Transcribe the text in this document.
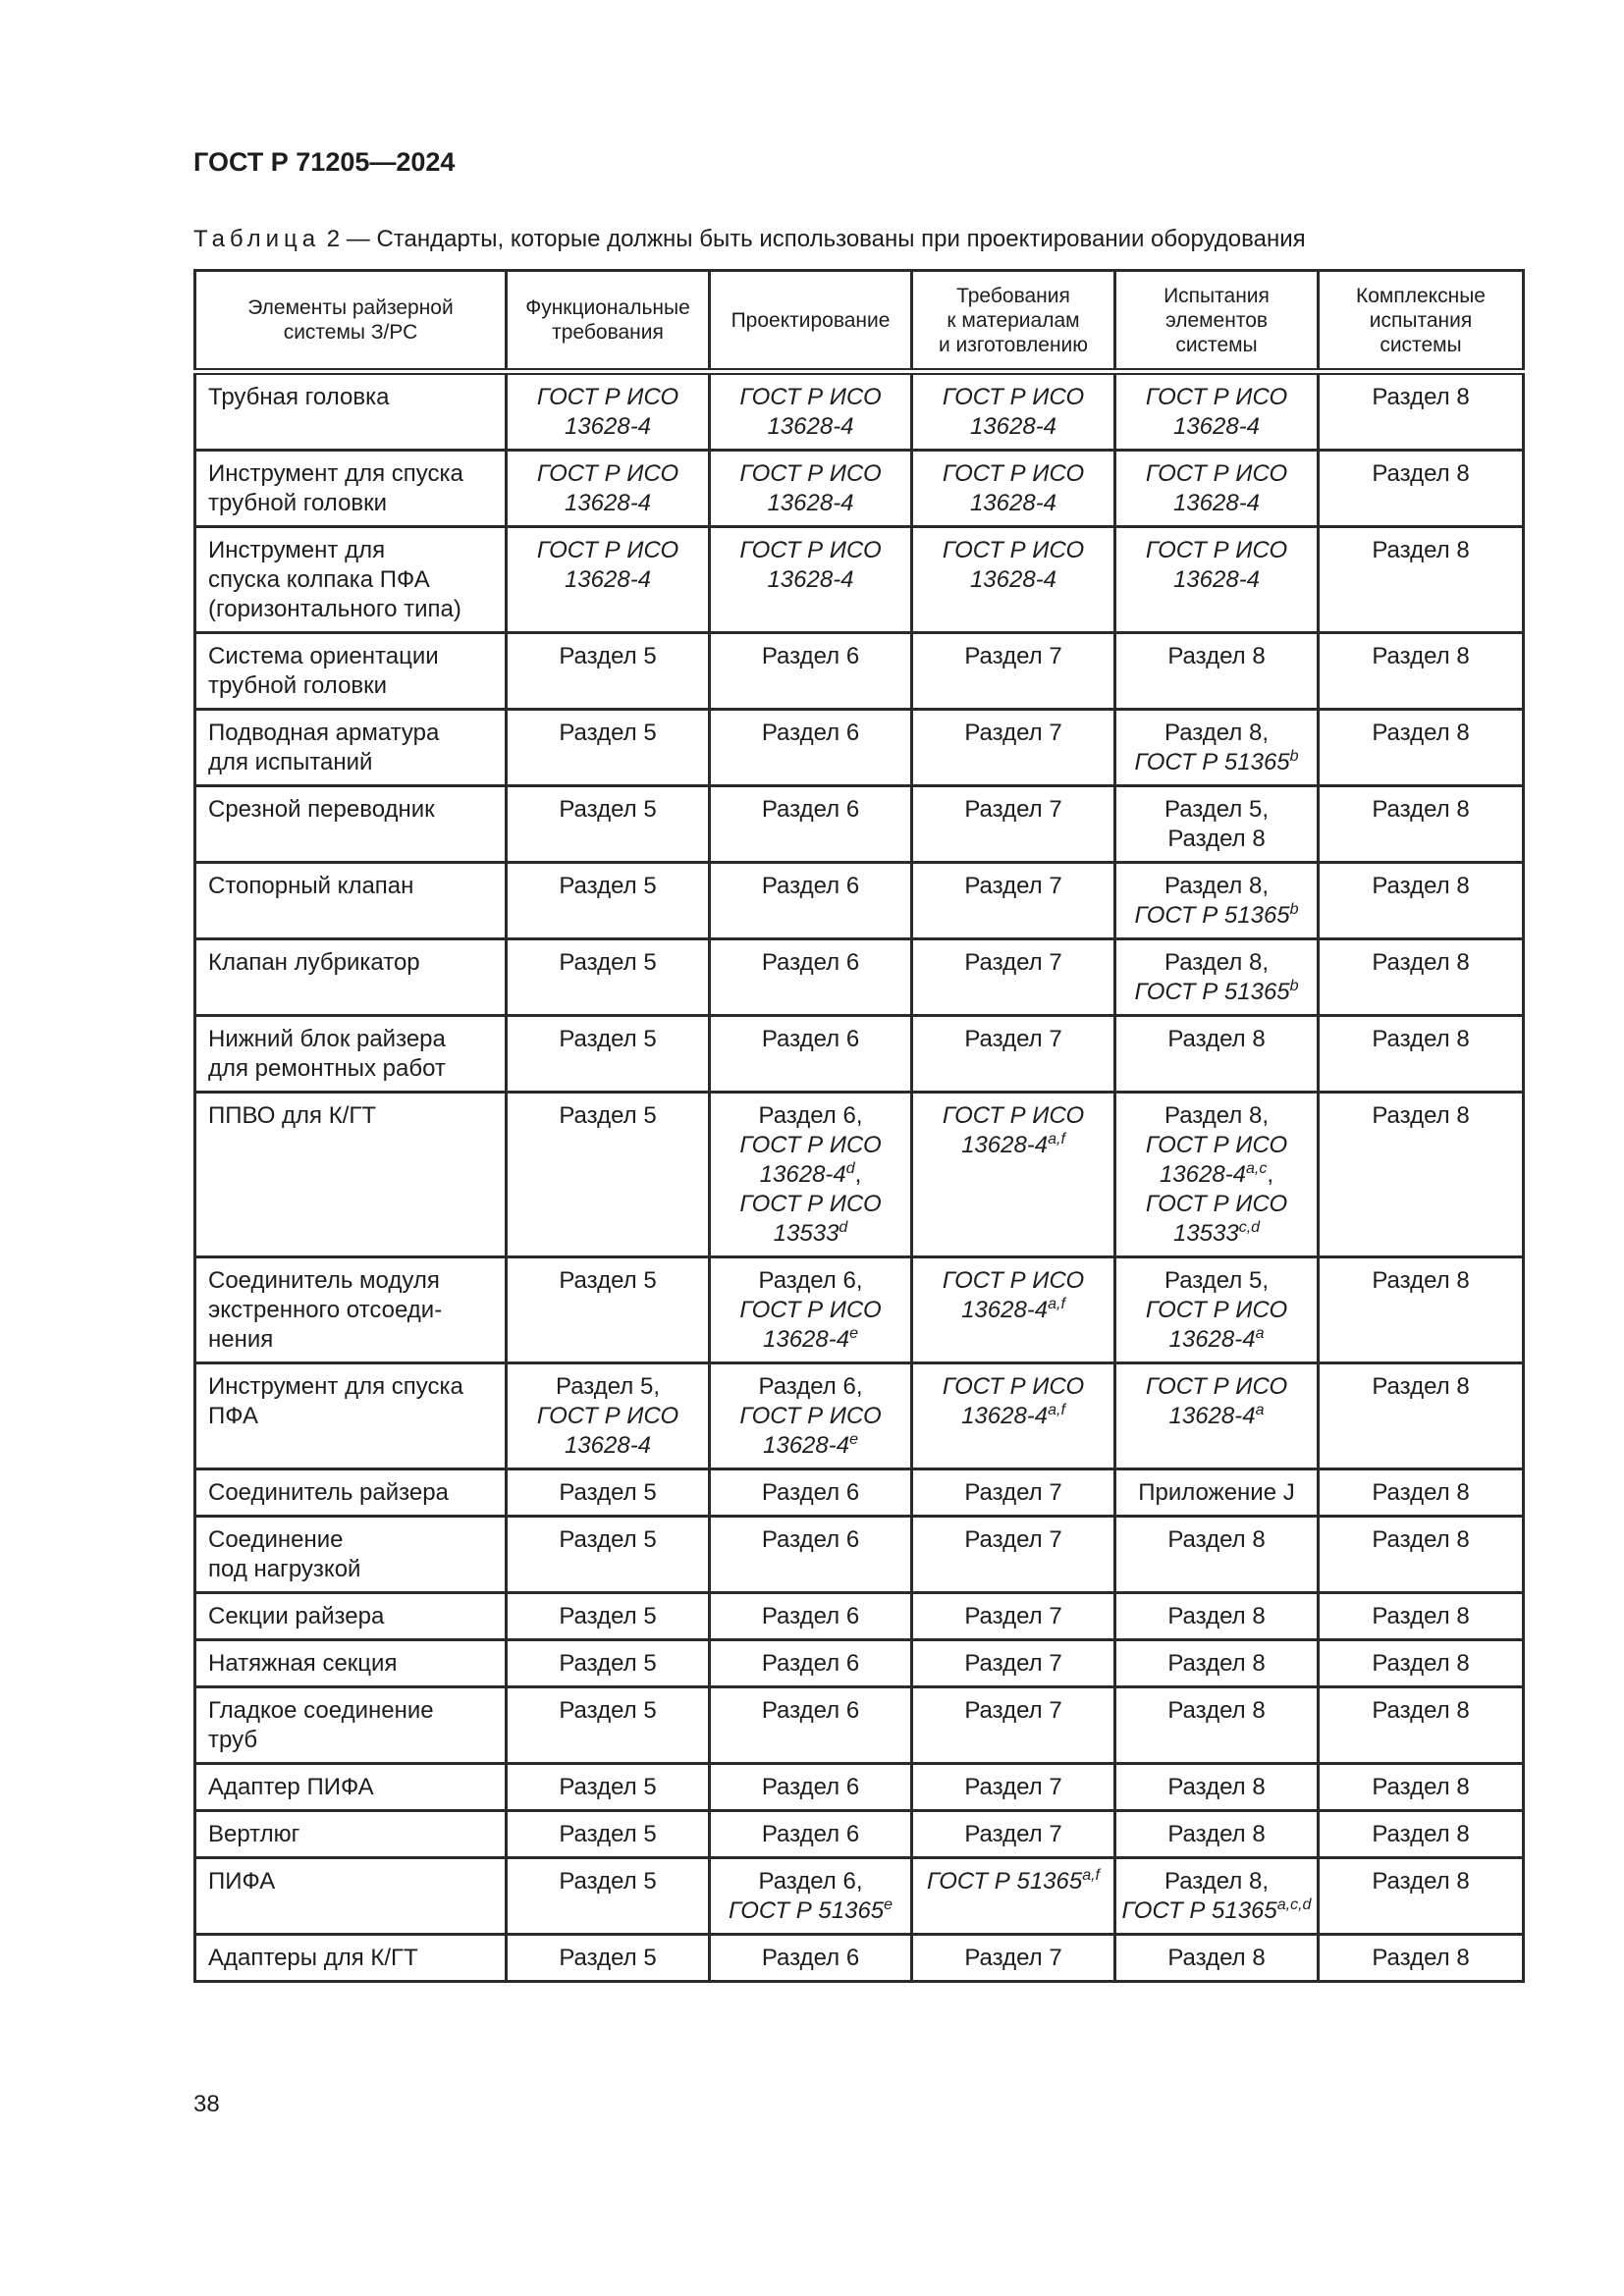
ГОСТ Р 71205—2024
Таблица 2 — Стандарты, которые должны быть использованы при проектировании оборудования
Элементы райзерной
системы З/РС	Функциональные
требования	Проектирование	Требования
к материалам
и изготовлению	Испытания
элементов
системы	Комплексные
испытания
системы
Трубная головка	ГОСТ Р ИСО
13628-4	ГОСТ Р ИСО
13628-4	ГОСТ Р ИСО
13628-4	ГОСТ Р ИСО
13628-4	Раздел 8
Инструмент для спуска
трубной головки	ГОСТ Р ИСО
13628-4	ГОСТ Р ИСО
13628-4	ГОСТ Р ИСО
13628-4	ГОСТ Р ИСО
13628-4	Раздел 8
Инструмент для
спуска колпака ПФА
(горизонтального типа)	ГОСТ Р ИСО
13628-4	ГОСТ Р ИСО
13628-4	ГОСТ Р ИСО
13628-4	ГОСТ Р ИСО
13628-4	Раздел 8
Система ориентации
трубной головки	Раздел 5	Раздел 6	Раздел 7	Раздел 8	Раздел 8
Подводная арматура
для испытаний	Раздел 5	Раздел 6	Раздел 7	Раздел 8,
ГОСТ Р 51365$^b$	Раздел 8
Срезной переводник	Раздел 5	Раздел 6	Раздел 7	Раздел 5,
Раздел 8	Раздел 8
Стопорный клапан	Раздел 5	Раздел 6	Раздел 7	Раздел 8,
ГОСТ Р 51365$^b$	Раздел 8
Клапан лубрикатор	Раздел 5	Раздел 6	Раздел 7	Раздел 8,
ГОСТ Р 51365$^b$	Раздел 8
Нижний блок райзера
для ремонтных работ	Раздел 5	Раздел 6	Раздел 7	Раздел 8	Раздел 8
ППВО для К/ГТ	Раздел 5	Раздел 6,
ГОСТ Р ИСО
13628-4$^d$,
ГОСТ Р ИСО
13533$^d$	ГОСТ Р ИСО
13628-4$^{a,f}$	Раздел 8,
ГОСТ Р ИСО
13628-4$^{a,c}$,
ГОСТ Р ИСО
13533$^{c,d}$	Раздел 8
Соединитель модуля
экстренного отсоеди-
нения	Раздел 5	Раздел 6,
ГОСТ Р ИСО
13628-4e	ГОСТ Р ИСО
13628-4$^{a,f}$	Раздел 5,
ГОСТ Р ИСО
13628-4$^a$	Раздел 8
Инструмент для спуска
ПФА	Раздел 5,
ГОСТ Р ИСО
13628-4	Раздел 6,
ГОСТ Р ИСО
13628-4e	ГОСТ Р ИСО
13628-4$^{a,f}$	ГОСТ Р ИСО
13628-4$^a$	Раздел 8
Соединитель райзера	Раздел 5	Раздел 6	Раздел 7	Приложение J	Раздел 8
Соединение
под нагрузкой	Раздел 5	Раздел 6	Раздел 7	Раздел 8	Раздел 8
Секции райзера	Раздел 5	Раздел 6	Раздел 7	Раздел 8	Раздел 8
Натяжная секция	Раздел 5	Раздел 6	Раздел 7	Раздел 8	Раздел 8
Гладкое соединение
труб	Раздел 5	Раздел 6	Раздел 7	Раздел 8	Раздел 8
Адаптер ПИФА	Раздел 5	Раздел 6	Раздел 7	Раздел 8	Раздел 8
Вертлюг	Раздел 5	Раздел 6	Раздел 7	Раздел 8	Раздел 8
ПИФА	Раздел 5	Раздел 6,
ГОСТ Р 51365e	ГОСТ Р 51365$^{a,f}$	Раздел 8,
ГОСТ Р 51365$^{a,c,d}$	Раздел 8
Адаптеры для К/ГТ	Раздел 5	Раздел 6	Раздел 7	Раздел 8	Раздел 8
38
